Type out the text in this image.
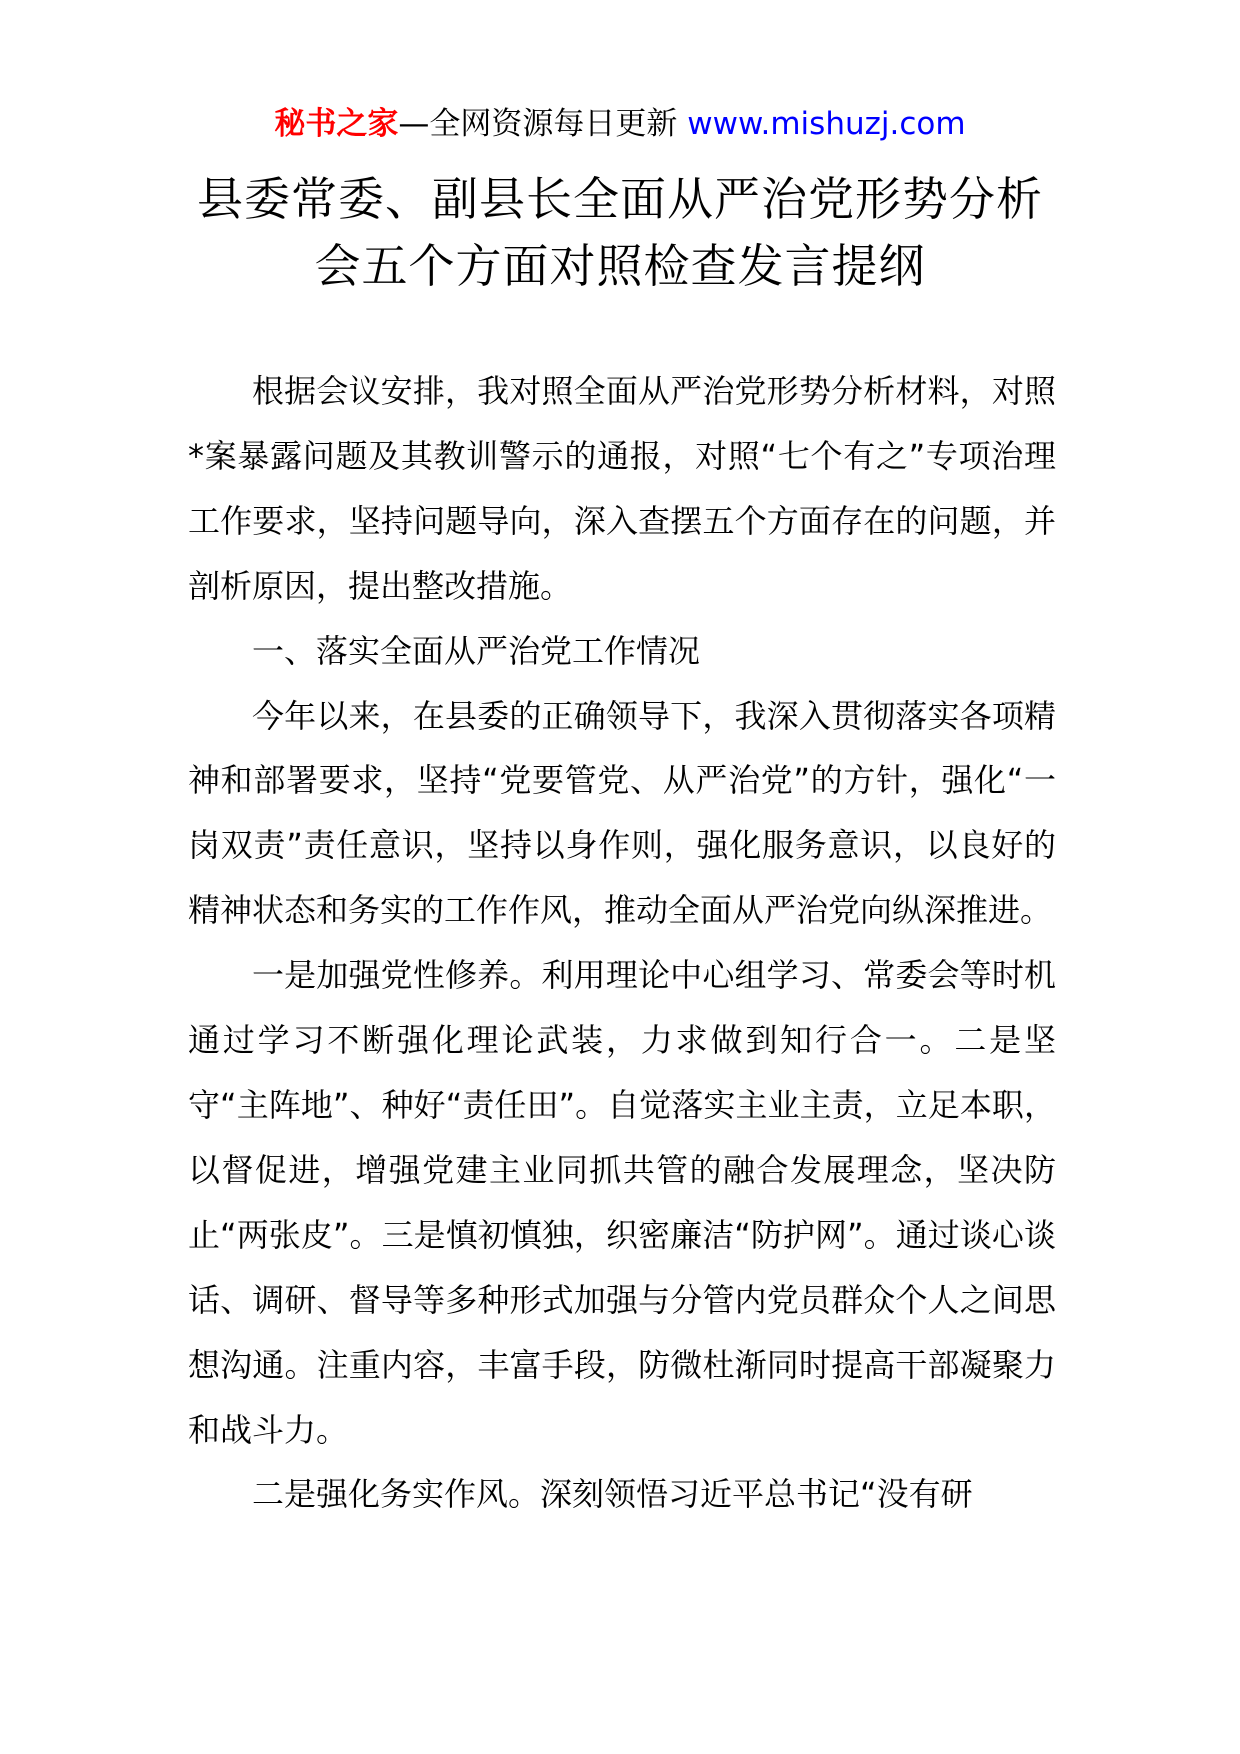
秘书之家—全网资源每日更新 www.mishuzj.com
县委常委、副县长全面从严治党形势分析
会五个方面对照检查发言提纲

根据会议安排，我对照全面从严治党形势分析材料，对照*案暴露问题及其教训警示的通报，对照“七个有之”专项治理工作要求，坚持问题导向，深入查摆五个方面存在的问题，并剖析原因，提出整改措施。

一、落实全面从严治党工作情况

今年以来，在县委的正确领导下，我深入贯彻落实各项精神和部署要求，坚持“党要管党、从严治党”的方针，强化“一岗双责”责任意识，坚持以身作则，强化服务意识，以良好的精神状态和务实的工作作风，推动全面从严治党向纵深推进。

一是加强党性修养。利用理论中心组学习、常委会等时机通过学习不断强化理论武装，力求做到知行合一。二是坚守“主阵地”、种好“责任田”。自觉落实主业主责，立足本职，以督促进，增强党建主业同抓共管的融合发展理念，坚决防止“两张皮”。三是慎初慎独，织密廉洁“防护网”。通过谈心谈话、调研、督导等多种形式加强与分管内党员群众个人之间思想沟通。注重内容，丰富手段，防微杜渐同时提高干部凝聚力和战斗力。

二是强化务实作风。深刻领悟习近平总书记“没有研
